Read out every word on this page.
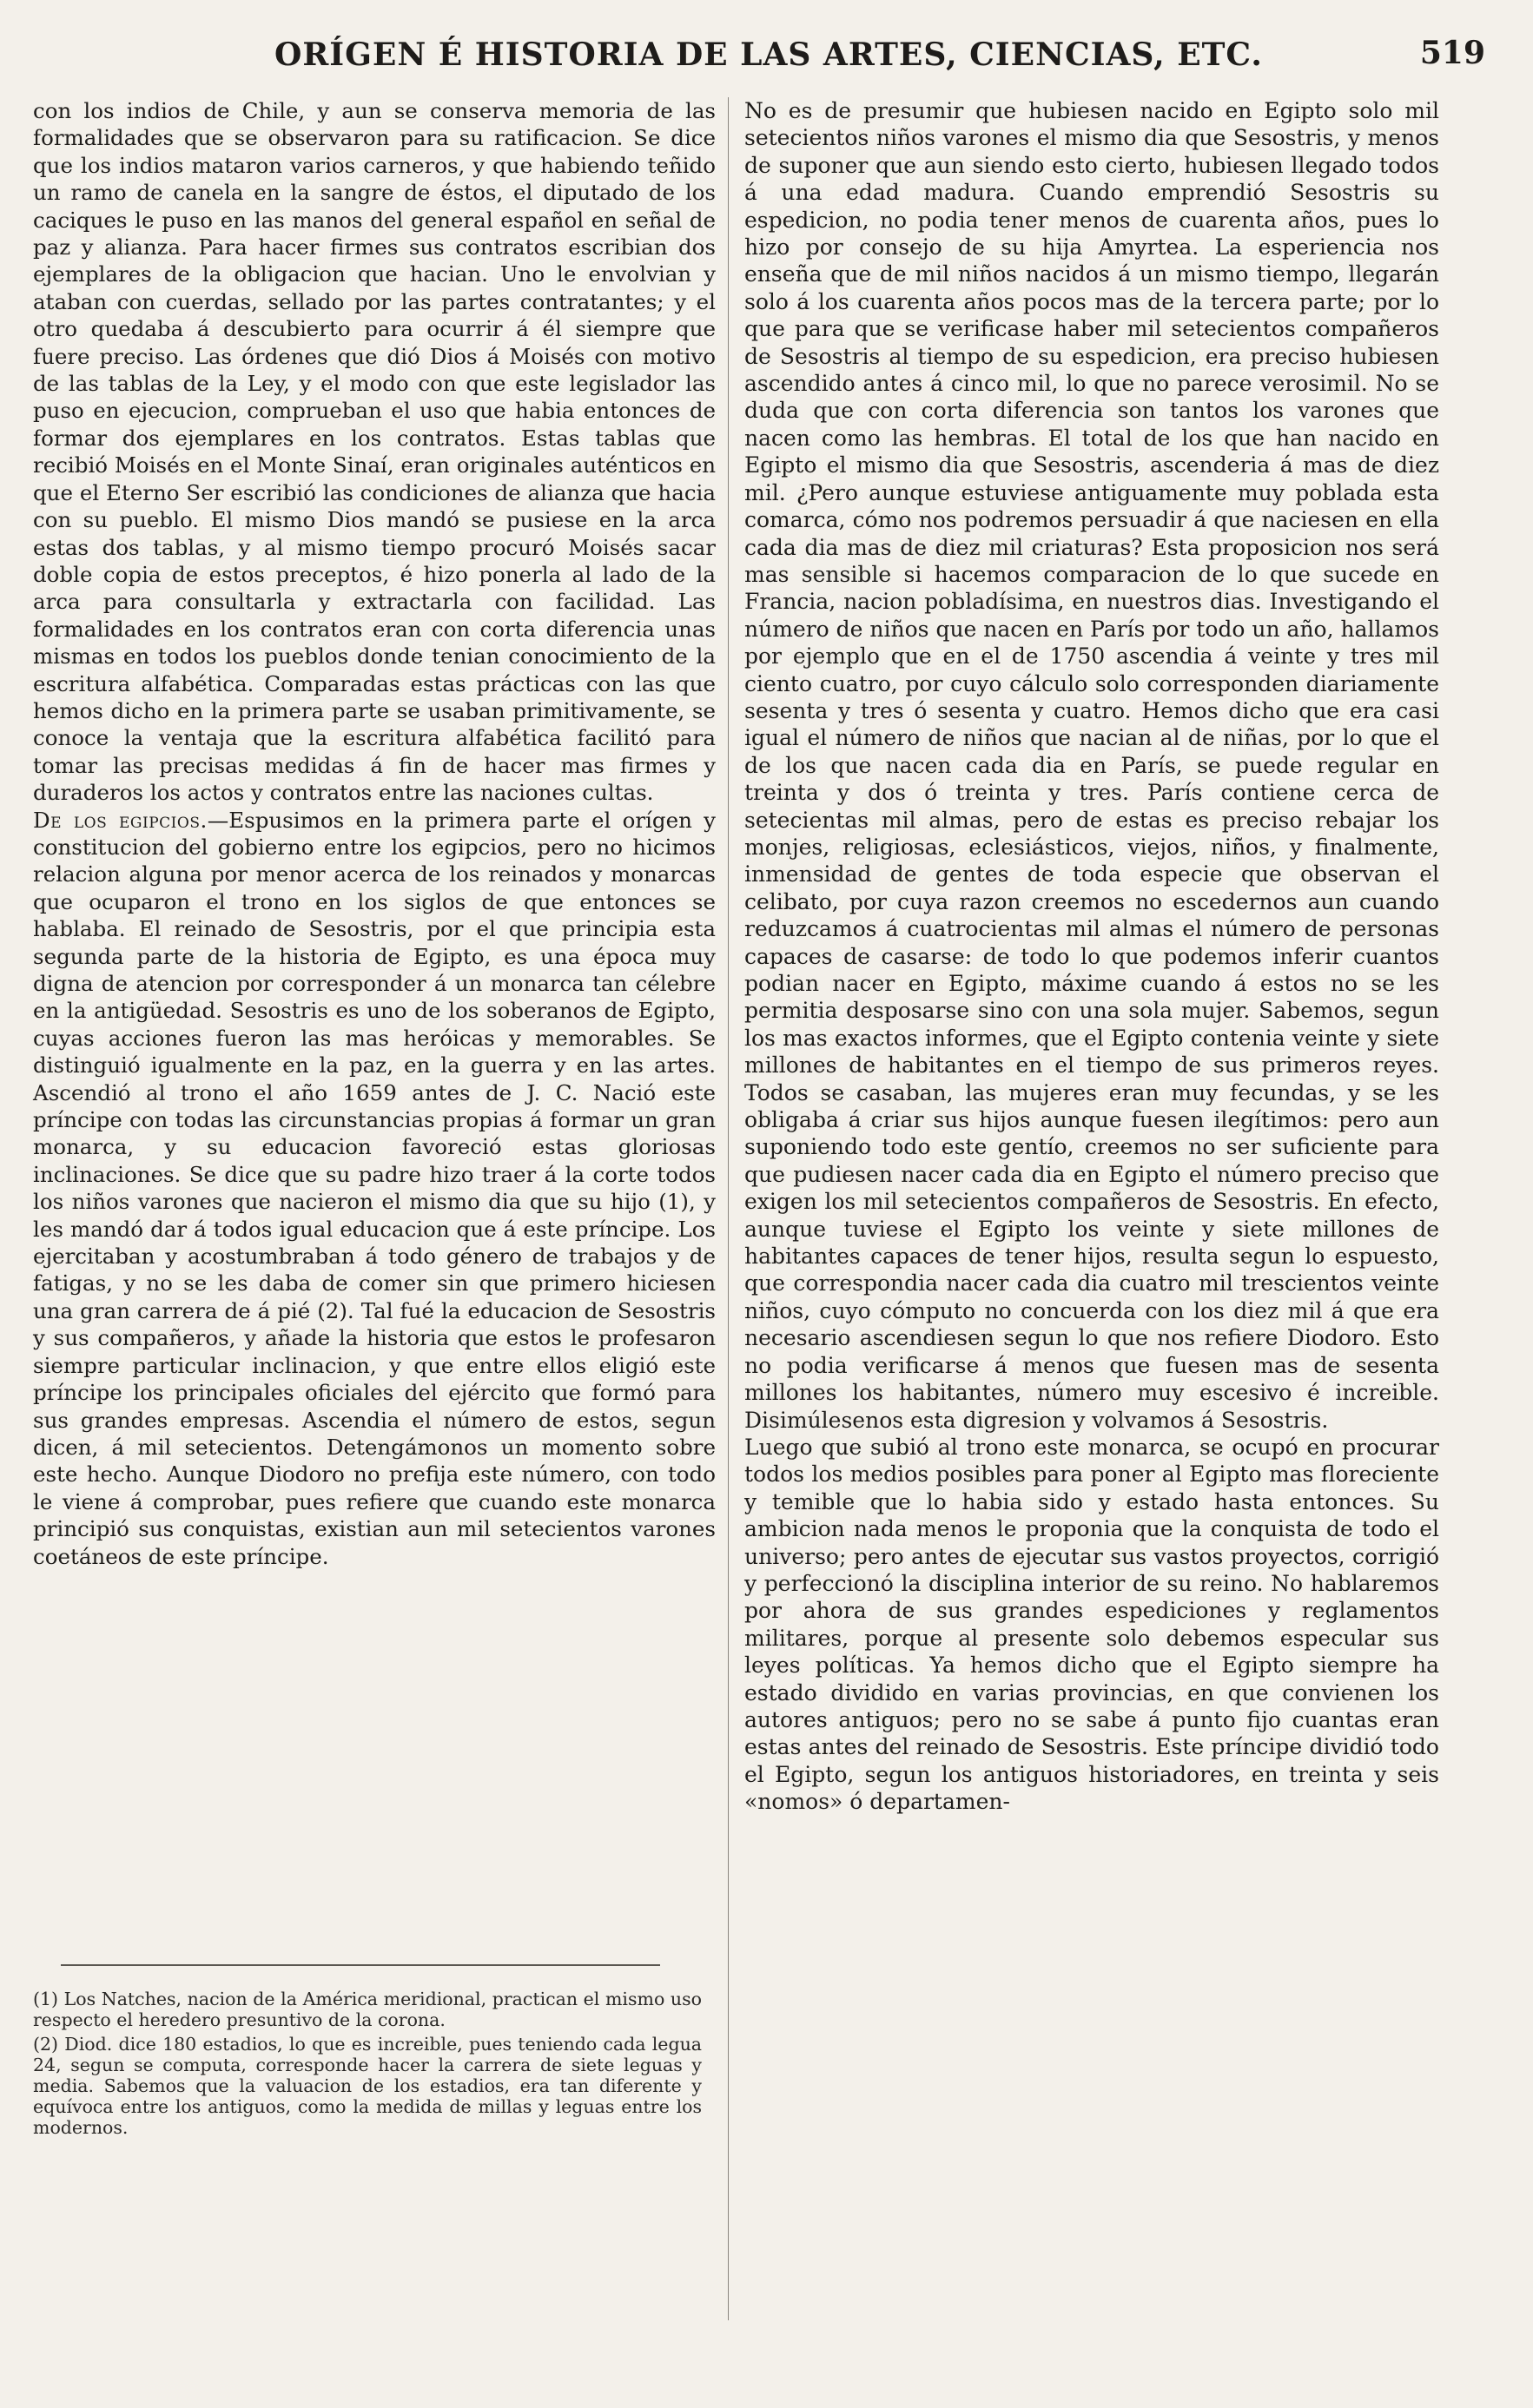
ORÍGEN É HISTORIA DE LAS ARTES, CIENCIAS, ETC.	519

con los indios de Chile, y aun se conserva memoria de las formalidades que se observaron para su ratificacion. Se dice que los indios mataron varios carneros, y que habiendo teñido un ramo de canela en la sangre de éstos, el diputado de los caciques le puso en las manos del general español en señal de paz y alianza. Para hacer firmes sus contratos escribian dos ejemplares de la obligacion que hacian. Uno le envolvian y ataban con cuerdas, sellado por las partes contratantes; y el otro quedaba á descubierto para ocurrir á él siempre que fuere preciso. Las órdenes que dió Dios á Moisés con motivo de las tablas de la Ley, y el modo con que este legislador las puso en ejecucion, comprueban el uso que habia entonces de formar dos ejemplares en los contratos. Estas tablas que recibió Moisés en el Monte Sinaí, eran originales auténticos en que el Eterno Ser escribió las condiciones de alianza que hacia con su pueblo. El mismo Dios mandó se pusiese en la arca estas dos tablas, y al mismo tiempo procuró Moisés sacar doble copia de estos preceptos, é hizo ponerla al lado de la arca para consultarla y extractarla con facilidad. Las formalidades en los contratos eran con corta diferencia unas mismas en todos los pueblos donde tenian conocimiento de la escritura alfabética. Comparadas estas prácticas con las que hemos dicho en la primera parte se usaban primitivamente, se conoce la ventaja que la escritura alfabética facilitó para tomar las precisas medidas á fin de hacer mas firmes y duraderos los actos y contratos entre las naciones cultas.

De los egipcios.—Espusimos en la primera parte el orígen y constitucion del gobierno entre los egipcios, pero no hicimos relacion alguna por menor acerca de los reinados y monarcas que ocuparon el trono en los siglos de que entonces se hablaba. El reinado de Sesostris, por el que principia esta segunda parte de la historia de Egipto, es una época muy digna de atencion por corresponder á un monarca tan célebre en la antigüedad. Sesostris es uno de los soberanos de Egipto, cuyas acciones fueron las mas heróicas y memorables. Se distinguió igualmente en la paz, en la guerra y en las artes. Ascendió al trono el año 1659 antes de J. C. Nació este príncipe con todas las circunstancias propias á formar un gran monarca, y su educacion favoreció estas gloriosas inclinaciones. Se dice que su padre hizo traer á la corte todos los niños varones que nacieron el mismo dia que su hijo (1), y les mandó dar á todos igual educacion que á este príncipe. Los ejercitaban y acostumbraban á todo género de trabajos y de fatigas, y no se les daba de comer sin que primero hiciesen una gran carrera de á pié (2). Tal fué la educacion de Sesostris y sus compañeros, y añade la historia que estos le profesaron siempre particular inclinacion, y que entre ellos eligió este príncipe los principales oficiales del ejército que formó para sus grandes empresas. Ascendia el número de estos, segun dicen, á mil setecientos. Detengámonos un momento sobre este hecho. Aunque Diodoro no prefija este número, con todo le viene á comprobar, pues refiere que cuando este monarca principió sus conquistas, existian aun mil setecientos varones coetáneos de este príncipe.

No es de presumir que hubiesen nacido en Egipto solo mil setecientos niños varones el mismo dia que Sesostris, y menos de suponer que aun siendo esto cierto, hubiesen llegado todos á una edad madura. Cuando emprendió Sesostris su espedicion, no podia tener menos de cuarenta años, pues lo hizo por consejo de su hija Amyrtea. La esperiencia nos enseña que de mil niños nacidos á un mismo tiempo, llegarán solo á los cuarenta años pocos mas de la tercera parte; por lo que para que se verificase haber mil setecientos compañeros de Sesostris al tiempo de su espedicion, era preciso hubiesen ascendido antes á cinco mil, lo que no parece verosimil. No se duda que con corta diferencia son tantos los varones que nacen como las hembras. El total de los que han nacido en Egipto el mismo dia que Sesostris, ascenderia á mas de diez mil. ¿Pero aunque estuviese antiguamente muy poblada esta comarca, cómo nos podremos persuadir á que naciesen en ella cada dia mas de diez mil criaturas? Esta proposicion nos será mas sensible si hacemos comparacion de lo que sucede en Francia, nacion pobladísima, en nuestros dias. Investigando el número de niños que nacen en París por todo un año, hallamos por ejemplo que en el de 1750 ascendia á veinte y tres mil ciento cuatro, por cuyo cálculo solo corresponden diariamente sesenta y tres ó sesenta y cuatro. Hemos dicho que era casi igual el número de niños que nacian al de niñas, por lo que el de los que nacen cada dia en París, se puede regular en treinta y dos ó treinta y tres. París contiene cerca de setecientas mil almas, pero de estas es preciso rebajar los monjes, religiosas, eclesiásticos, viejos, niños, y finalmente, inmensidad de gentes de toda especie que observan el celibato, por cuya razon creemos no escedernos aun cuando reduzcamos á cuatrocientas mil almas el número de personas capaces de casarse: de todo lo que podemos inferir cuantos podian nacer en Egipto, máxime cuando á estos no se les permitia desposarse sino con una sola mujer. Sabemos, segun los mas exactos informes, que el Egipto contenia veinte y siete millones de habitantes en el tiempo de sus primeros reyes. Todos se casaban, las mujeres eran muy fecundas, y se les obligaba á criar sus hijos aunque fuesen ilegítimos: pero aun suponiendo todo este gentío, creemos no ser suficiente para que pudiesen nacer cada dia en Egipto el número preciso que exigen los mil setecientos compañeros de Sesostris. En efecto, aunque tuviese el Egipto los veinte y siete millones de habitantes capaces de tener hijos, resulta segun lo espuesto, que correspondia nacer cada dia cuatro mil trescientos veinte niños, cuyo cómputo no concuerda con los diez mil á que era necesario ascendiesen segun lo que nos refiere Diodoro. Esto no podia verificarse á menos que fuesen mas de sesenta millones los habitantes, número muy escesivo é increible. Disimúlesenos esta digresion y volvamos á Sesostris.

Luego que subió al trono este monarca, se ocupó en procurar todos los medios posibles para poner al Egipto mas floreciente y temible que lo habia sido y estado hasta entonces. Su ambicion nada menos le proponia que la conquista de todo el universo; pero antes de ejecutar sus vastos proyectos, corrigió y perfeccionó la disciplina interior de su reino. No hablaremos por ahora de sus grandes espediciones y reglamentos militares, porque al presente solo debemos especular sus leyes políticas. Ya hemos dicho que el Egipto siempre ha estado dividido en varias provincias, en que convienen los autores antiguos; pero no se sabe á punto fijo cuantas eran estas antes del reinado de Sesostris. Este príncipe dividió todo el Egipto, segun los antiguos historiadores, en treinta y seis «nomos» ó departamen-

(1) Los Natches, nacion de la América meridional, practican el mismo uso respecto el heredero presuntivo de la corona.

(2) Diod. dice 180 estadios, lo que es increible, pues teniendo cada legua 24, segun se computa, corresponde hacer la carrera de siete leguas y media. Sabemos que la valuacion de los estadios, era tan diferente y equívoca entre los antiguos, como la medida de millas y leguas entre los modernos.
